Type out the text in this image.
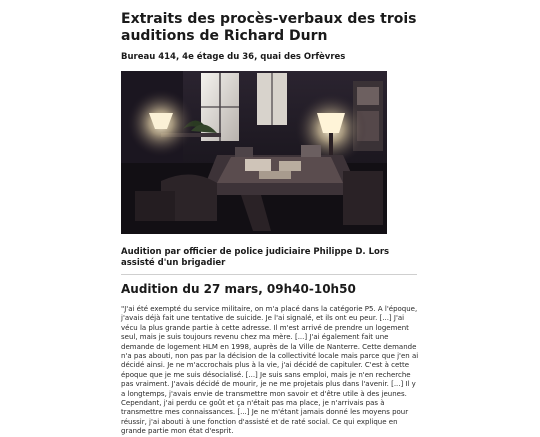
Extraits des procès-verbaux des trois auditions de Richard Durn
Bureau 414, 4e étage du 36, quai des Orfèvres
Audition par officier de police judiciaire Philippe D. Lors assisté d'un brigadier
Audition du 27 mars, 09h40-10h50

"J'ai été exempté du service militaire, on m'a placé dans la catégorie P5. A l'époque, j'avais déjà fait une tentative de suicide. Je l'ai signalé, et ils ont eu peur. [...] J'ai vécu la plus grande partie à cette adresse. Il m'est arrivé de prendre un logement seul, mais je suis toujours revenu chez ma mère. [...] J'ai également fait une demande de logement HLM en 1998, auprès de la Ville de Nanterre. Cette demande n'a pas abouti, non pas par la décision de la collectivité locale mais parce que j'en ai décidé ainsi. Je ne m'accrochais plus à la vie, j'ai décidé de capituler. C'est à cette époque que je me suis désocialisé. [...] Je suis sans emploi, mais je n'en recherche pas vraiment. J'avais décidé de mourir, je ne me projetais plus dans l'avenir. [...] Il y a longtemps, j'avais envie de transmettre mon savoir et d'être utile à des jeunes. Cependant, j'ai perdu ce goût et ça n'était pas ma place, je n'arrivais pas à transmettre mes connaissances. [...] Je ne m'étant jamais donné les moyens pour réussir, j'ai abouti à une fonction d'assisté et de raté social. Ce qui explique en grande partie mon état d'esprit.
